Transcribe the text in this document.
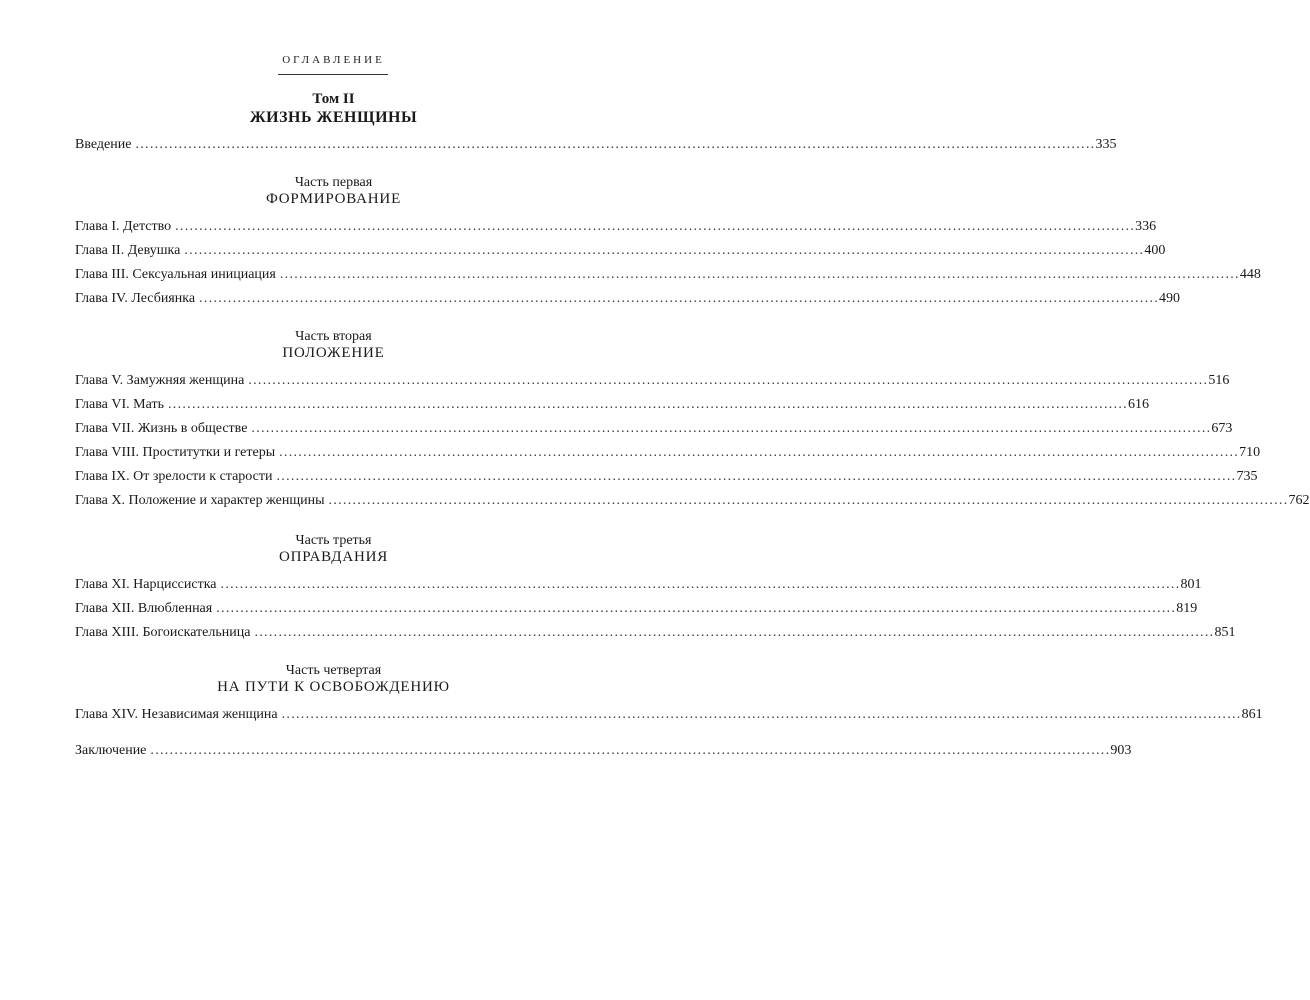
ОГЛАВЛЕНИЕ
Том II
ЖИЗНЬ ЖЕНЩИНЫ
Введение ........................................................................................................................................................................................................ 335
Часть первая
ФОРМИРОВАНИЕ
Глава I. Детство ........................................................................................................................................................................................................ 336
Глава II. Девушка ........................................................................................................................................................................................................ 400
Глава III. Сексуальная инициация ........................................................................................................................................................................................................ 448
Глава IV. Лесбиянка ........................................................................................................................................................................................................ 490
Часть вторая
ПОЛОЖЕНИЕ
Глава V. Замужняя женщина ........................................................................................................................................................................................................ 516
Глава VI. Мать ........................................................................................................................................................................................................ 616
Глава VII. Жизнь в обществе ........................................................................................................................................................................................................ 673
Глава VIII. Проститутки и гетеры ........................................................................................................................................................................................................ 710
Глава IX. От зрелости к старости ........................................................................................................................................................................................................ 735
Глава X. Положение и характер женщины ........................................................................................................................................................................................................ 762
Часть третья
ОПРАВДАНИЯ
Глава XI. Нарциссистка ........................................................................................................................................................................................................ 801
Глава XII. Влюбленная ........................................................................................................................................................................................................ 819
Глава XIII. Богоискательница ........................................................................................................................................................................................................ 851
Часть четвертая
НА ПУТИ К ОСВОБОЖДЕНИЮ
Глава XIV. Независимая женщина ........................................................................................................................................................................................................ 861
Заключение ........................................................................................................................................................................................................ 903
